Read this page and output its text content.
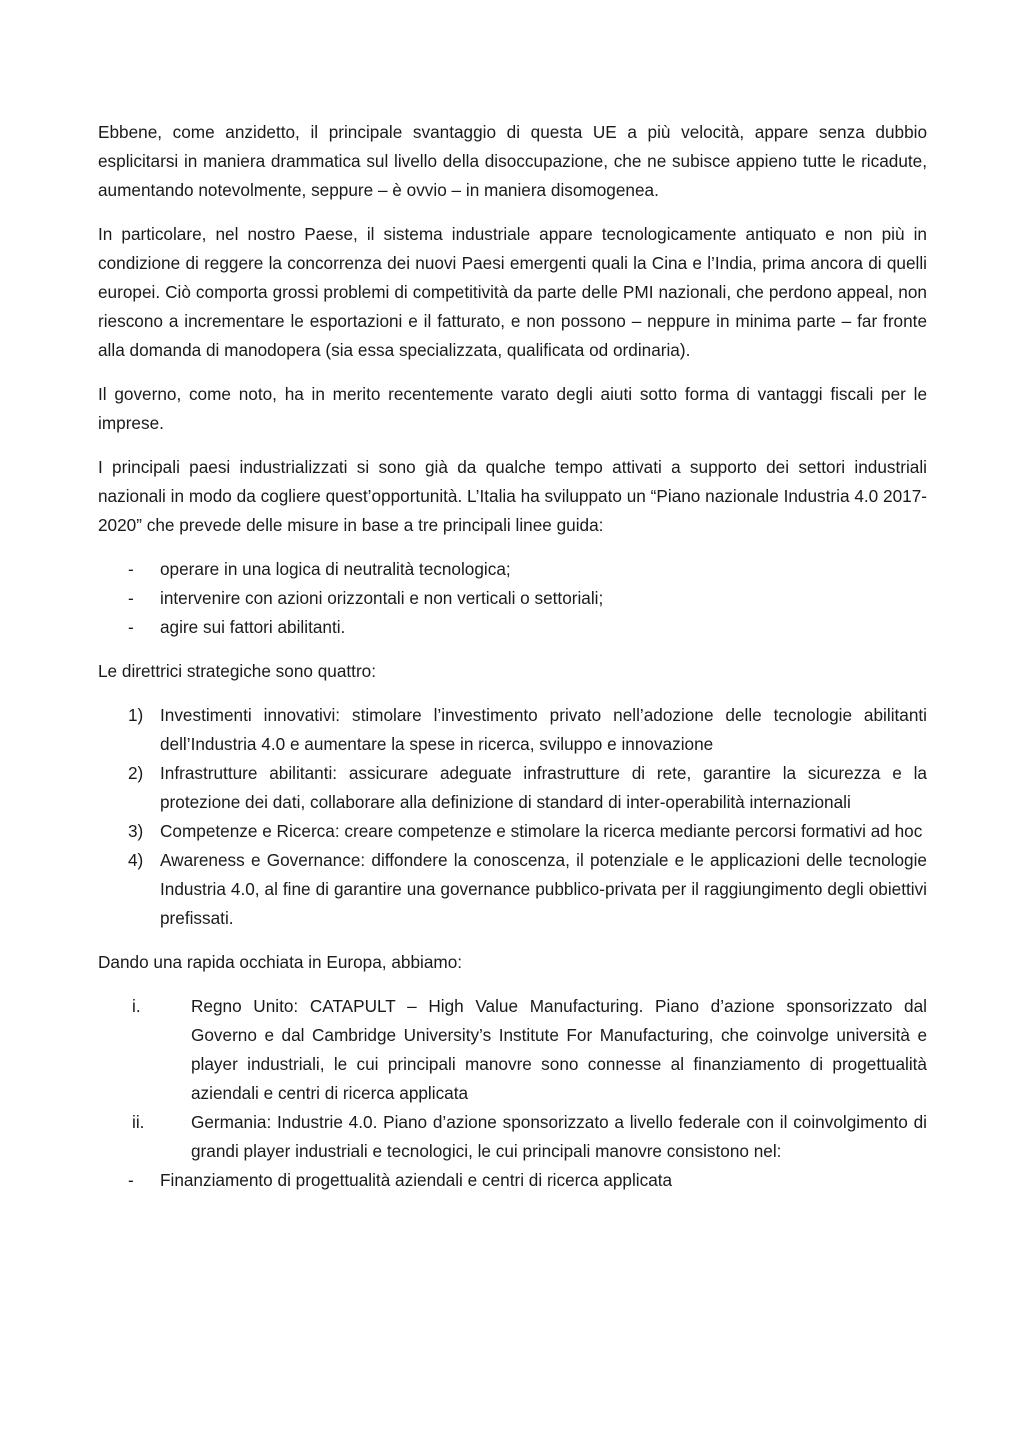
Ebbene, come anzidetto, il principale svantaggio di questa UE a più velocità, appare senza dubbio esplicitarsi in maniera drammatica sul livello della disoccupazione, che ne subisce appieno tutte le ricadute, aumentando notevolmente, seppure – è ovvio – in maniera disomogenea.

In particolare, nel nostro Paese, il sistema industriale appare tecnologicamente antiquato e non più in condizione di reggere la concorrenza dei nuovi Paesi emergenti quali la Cina e l’India, prima ancora di quelli europei. Ciò comporta grossi problemi di competitività da parte delle PMI nazionali, che perdono appeal, non riescono a incrementare le esportazioni e il fatturato, e non possono – neppure in minima parte – far fronte alla domanda di manodopera (sia essa specializzata, qualificata od ordinaria).

Il governo, come noto, ha in merito recentemente varato degli aiuti sotto forma di vantaggi fiscali per le imprese.

I principali paesi industrializzati si sono già da qualche tempo attivati a supporto dei settori industriali nazionali in modo da cogliere quest’opportunità. L’Italia ha sviluppato un “Piano nazionale Industria 4.0 2017-2020” che prevede delle misure in base a tre principali linee guida:

- operare in una logica di neutralità tecnologica;
- intervenire con azioni orizzontali e non verticali o settoriali;
- agire sui fattori abilitanti.

Le direttrici strategiche sono quattro:

1) Investimenti innovativi: stimolare l’investimento privato nell’adozione delle tecnologie abilitanti dell’Industria 4.0 e aumentare la spese in ricerca, sviluppo e innovazione
2) Infrastrutture abilitanti: assicurare adeguate infrastrutture di rete, garantire la sicurezza e la protezione dei dati, collaborare alla definizione di standard di inter-operabilità internazionali
3) Competenze e Ricerca: creare competenze e stimolare la ricerca mediante percorsi formativi ad hoc
4) Awareness e Governance: diffondere la conoscenza, il potenziale e le applicazioni delle tecnologie Industria 4.0, al fine di garantire una governance pubblico-privata per il raggiungimento degli obiettivi prefissati.

Dando una rapida occhiata in Europa, abbiamo:

i.	Regno Unito: CATAPULT – High Value Manufacturing. Piano d’azione sponsorizzato dal Governo e dal Cambridge University’s Institute For Manufacturing, che coinvolge università e player industriali, le cui principali manovre sono connesse al finanziamento di progettualità aziendali e centri di ricerca applicata
ii.	Germania: Industrie 4.0. Piano d’azione sponsorizzato a livello federale con il coinvolgimento di grandi player industriali e tecnologici, le cui principali manovre consistono nel:
- Finanziamento di progettualità aziendali e centri di ricerca applicata
